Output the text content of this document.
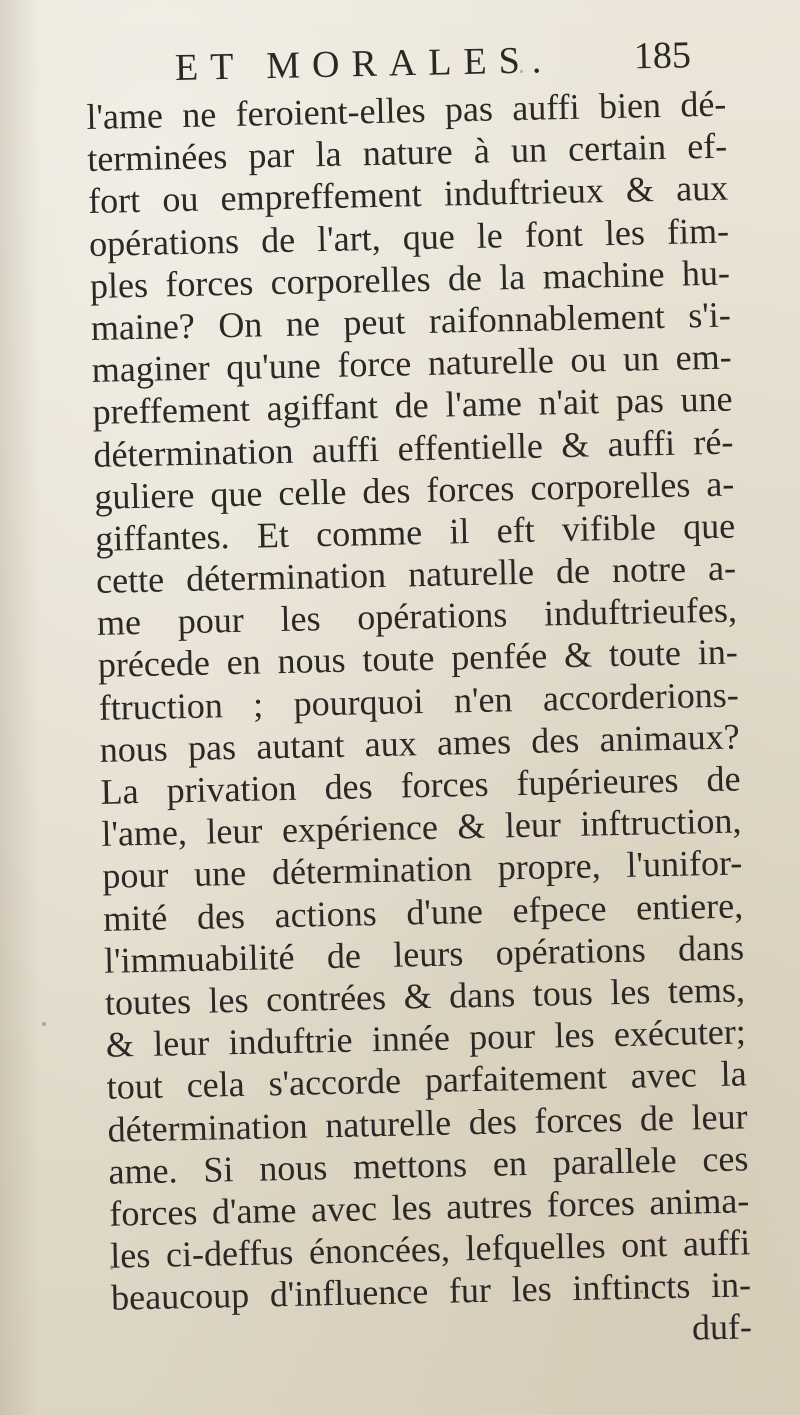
ET MORALES. 185
l'ame ne feroient-elles pas auffi bien dé-
terminées par la nature à un certain ef-
fort ou empreffement induftrieux & aux
opérations de l'art, que le font les fim-
ples forces corporelles de la machine hu-
maine? On ne peut raifonnablement s'i-
maginer qu'une force naturelle ou un em-
preffement agiffant de l'ame n'ait pas une
détermination auffi effentielle & auffi ré-
guliere que celle des forces corporelles a-
giffantes. Et comme il eft vifible que
cette détermination naturelle de notre a-
me pour les opérations induftrieufes,
précede en nous toute penfée & toute in-
ftruction ; pourquoi n'en accorderions-
nous pas autant aux ames des animaux?
La privation des forces fupérieures de
l'ame, leur expérience & leur inftruction,
pour une détermination propre, l'unifor-
mité des actions d'une efpece entiere,
l'immuabilité de leurs opérations dans
toutes les contrées & dans tous les tems,
& leur induftrie innée pour les exécuter;
tout cela s'accorde parfaitement avec la
détermination naturelle des forces de leur
ame. Si nous mettons en parallele ces
forces d'ame avec les autres forces anima-
les ci-deffus énoncées, lefquelles ont auffi
beaucoup d'influence fur les inftincts in-
duf-
